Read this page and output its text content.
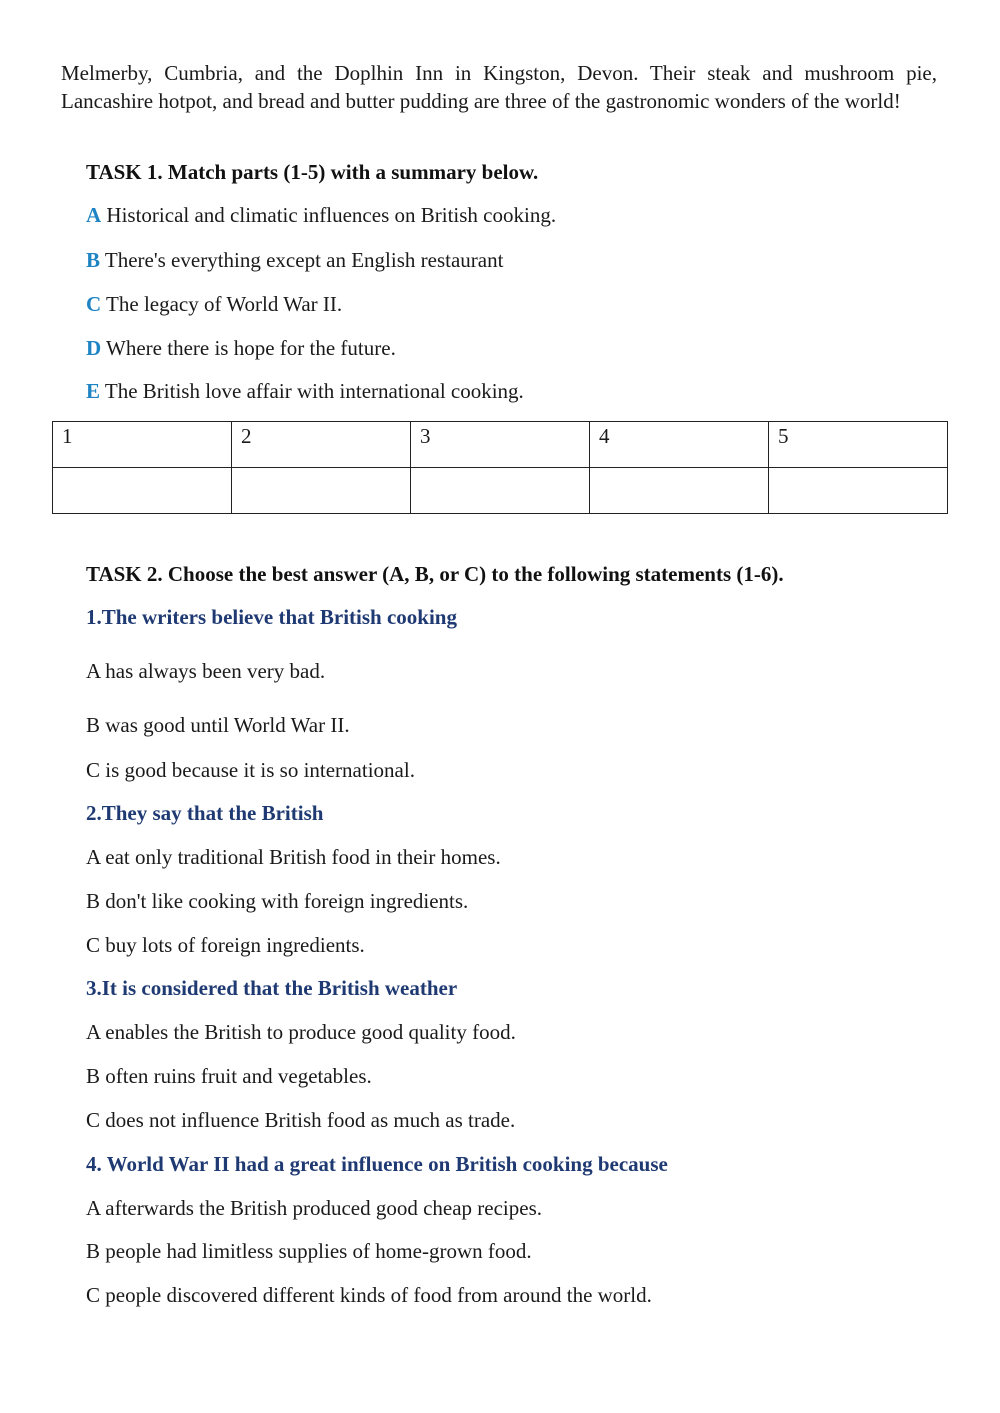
Melmerby, Cumbria, and the Doplhin Inn in Kingston, Devon. Their steak and mushroom pie, Lancashire hotpot, and bread and butter pudding are three of the gastronomic wonders of the world!

TASK 1. Match parts (1-5) with a summary below.

A Historical and climatic influences on British cooking.

B There's everything except an English restaurant

C The legacy of World War II.

D Where there is hope for the future.

E The British love affair with international cooking.

1	2	3	4	5

TASK 2. Choose the best answer (A, B, or C) to the following statements (1-6).

1.The writers believe that British cooking

A has always been very bad.

B was good until World War II.

C is good because it is so international.

2.They say that the British

A eat only traditional British food in their homes.

B don't like cooking with foreign ingredients.

C buy lots of foreign ingredients.

3.It is considered that the British weather

A enables the British to produce good quality food.

B often ruins fruit and vegetables.

C does not influence British food as much as trade.

4. World War II had a great influence on British cooking because

A afterwards the British produced good cheap recipes.

B people had limitless supplies of home-grown food.

C people discovered different kinds of food from around the world.
